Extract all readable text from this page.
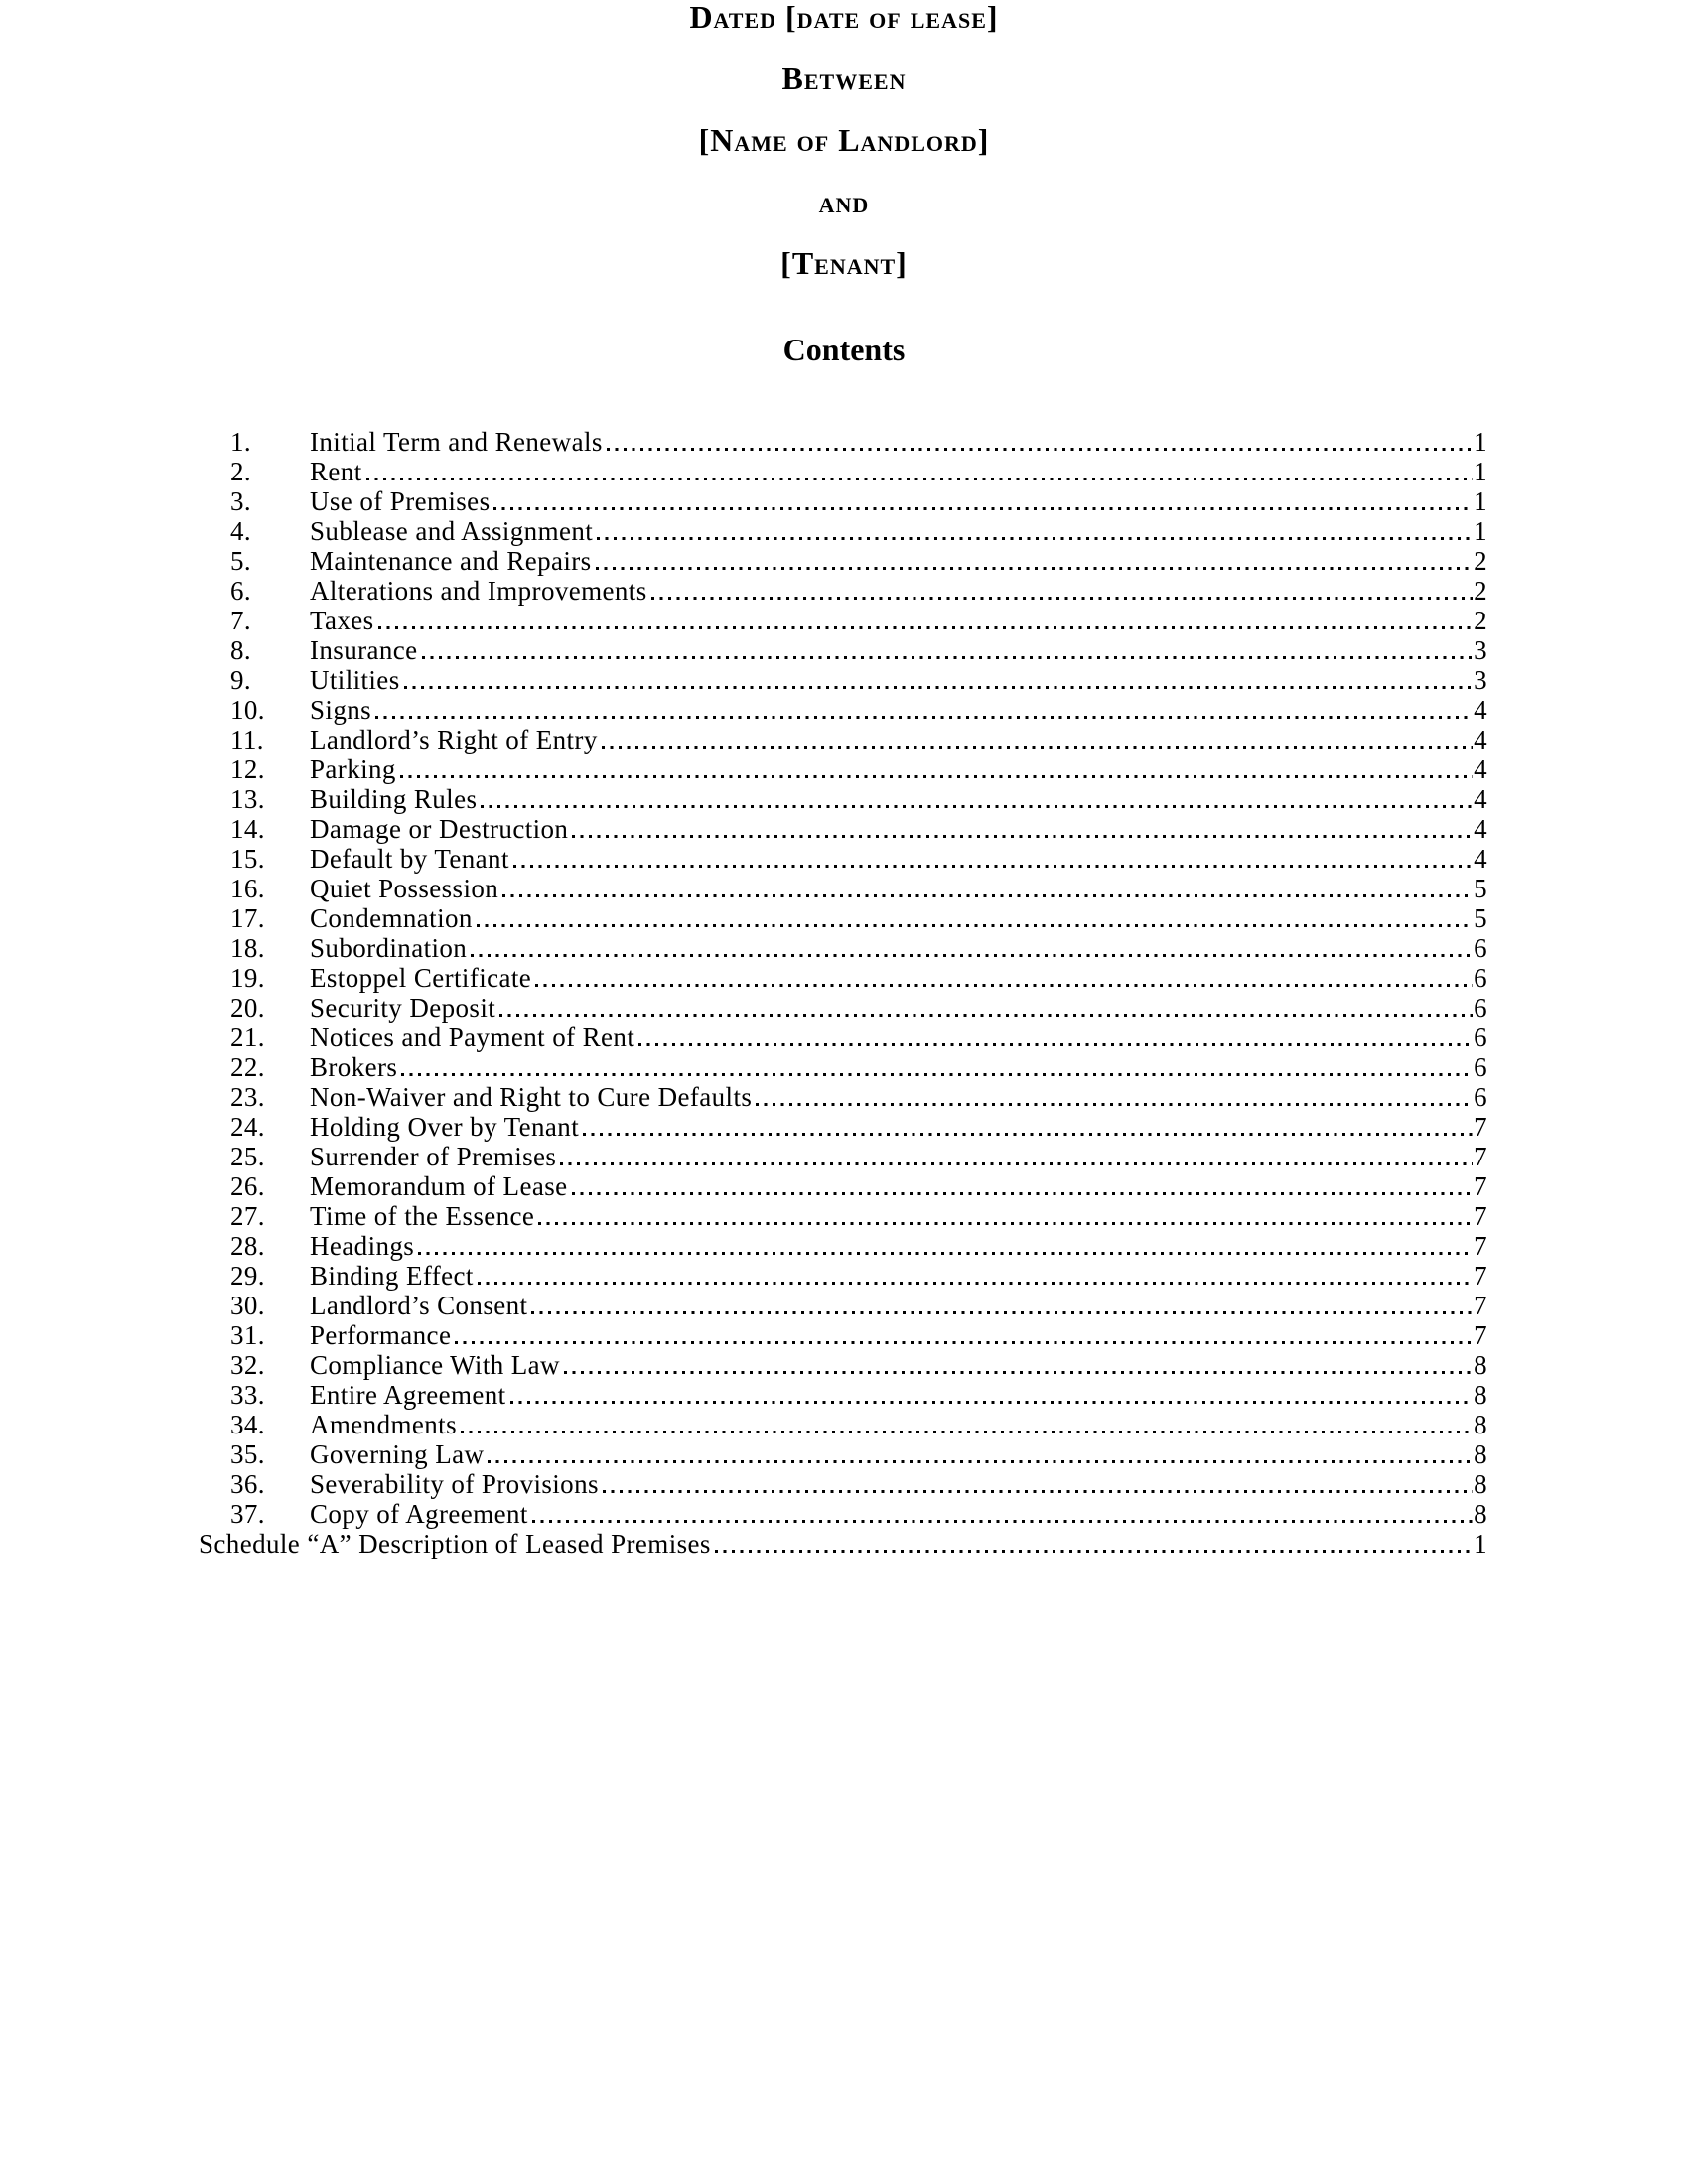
Dated [date of lease]
Between
[Name of Landlord]
and
[Tenant]
Contents
1.	Initial Term and Renewals	1
2.	Rent	1
3.	Use of Premises	1
4.	Sublease and Assignment	1
5.	Maintenance and Repairs	2
6.	Alterations and Improvements	2
7.	Taxes	2
8.	Insurance	3
9.	Utilities	3
10.	Signs	4
11.	Landlord’s Right of Entry	4
12.	Parking	4
13.	Building Rules	4
14.	Damage or Destruction	4
15.	Default by Tenant	4
16.	Quiet Possession	5
17.	Condemnation	5
18.	Subordination	6
19.	Estoppel Certificate	6
20.	Security Deposit	6
21.	Notices and Payment of Rent	6
22.	Brokers	6
23.	Non-Waiver and Right to Cure Defaults	6
24.	Holding Over by Tenant	7
25.	Surrender of Premises	7
26.	Memorandum of Lease	7
27.	Time of the Essence	7
28.	Headings	7
29.	Binding Effect	7
30.	Landlord’s Consent	7
31.	Performance	7
32.	Compliance With Law	8
33.	Entire Agreement	8
34.	Amendments	8
35.	Governing Law	8
36.	Severability of Provisions	8
37.	Copy of Agreement	8
Schedule “A” Description of Leased Premises	1
